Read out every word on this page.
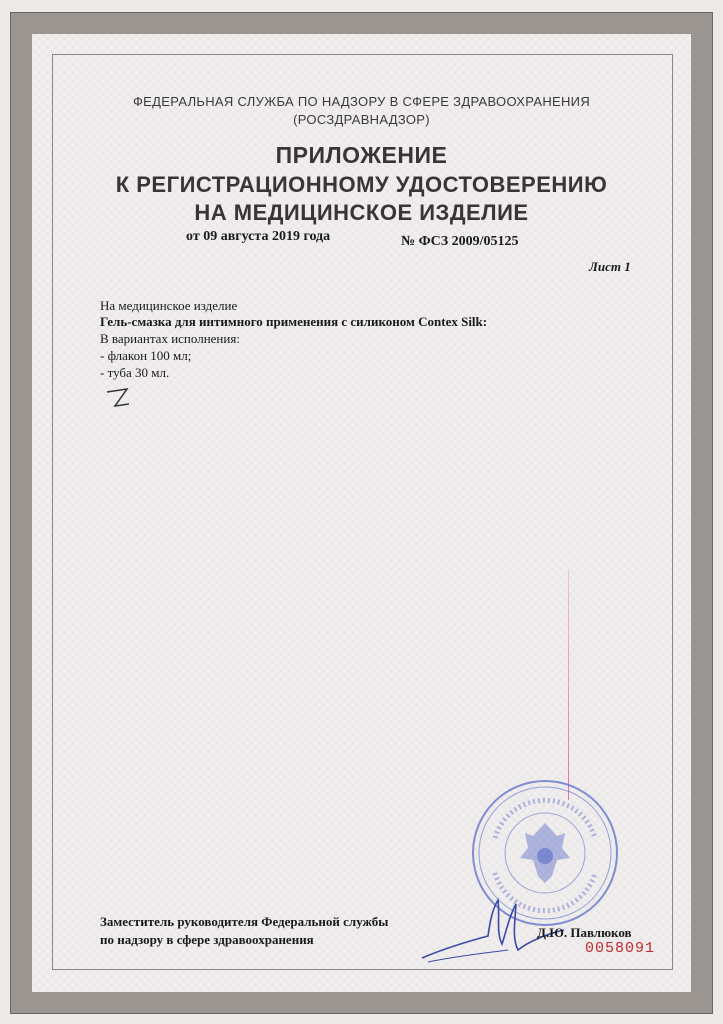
ФЕДЕРАЛЬНАЯ СЛУЖБА ПО НАДЗОРУ В СФЕРЕ ЗДРАВООХРАНЕНИЯ
(РОСЗДРАВНАДЗОР)
ПРИЛОЖЕНИЕ
К РЕГИСТРАЦИОННОМУ УДОСТОВЕРЕНИЮ
НА МЕДИЦИНСКОЕ ИЗДЕЛИЕ
от 09 августа 2019 года	№ ФСЗ 2009/05125
Лист 1
На медицинское изделие
Гель-смазка для интимного применения с силиконом Contex Silk:
В вариантах исполнения:
- флакон 100 мл;
- туба 30 мл.
Заместитель руководителя Федеральной службы
по надзору в сфере здравоохранения	Д.Ю. Павлюков
0058091
